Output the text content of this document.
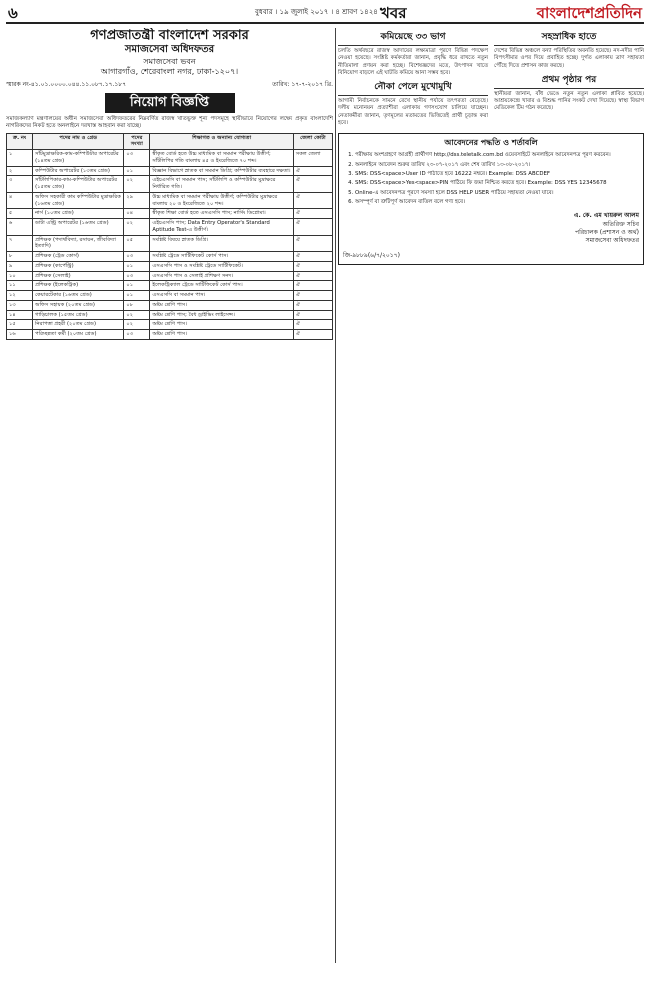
৬	বুধবার । ১৯ জুলাই ২০১৭ । ৪ শ্রাবণ ১৪২৪ খবর	বাংলাদেশপ্রতিদিন
গণপ্রজাতন্ত্রী বাংলাদেশ সরকার
সমাজসেবা অধিদফতর
সমাজসেবা ভবন
আগারগাঁও, শেরেবাংলা নগর, ঢাকা-১২০৭।
স্মারক নং-৪১.০১.০০০০.০৪৪.১১.০৮৭.১৭.১৮৭	তারিখ: ১৭-৭-২০১৭ খ্রি.
নিয়োগ বিজ্ঞপ্তি
সমাজকল্যাণ মন্ত্রণালয়ের অধীন সমাজসেবা অধিদফতরের নিম্নবর্ণিত রাজস্ব খাতভুক্ত শূন্য পদসমূহে স্থায়ীভাবে নিয়োগের লক্ষ্যে প্রকৃত বাংলাদেশি নাগরিকদের নিকট হতে অনলাইনে দরখাস্ত আহবান করা যাচ্ছে।
ক্র. নং	পদের নাম ও গ্রেড	পদের সংখ্যা	শিক্ষাগত ও অন্যান্য যোগ্যতা	জেলা কোটা
১	সাঁটমুদ্রাক্ষরিক-কাম-কম্পিউটার অপারেটর (১৪তম গ্রেড)	০৩	স্বীকৃত বোর্ড হতে উচ্চ মাধ্যমিক বা সমমান পরীক্ষায় উত্তীর্ণ; সাঁটলিপির গতি বাংলায় ৪৫ ও ইংরেজিতে ৭০ শব্দ।	সকল জেলা
২	কম্পিউটার অপারেটর (১৩তম গ্রেড)	০১	বিজ্ঞান বিভাগে স্নাতক বা সমমান ডিগ্রি; কম্পিউটার ব্যবহারে দক্ষতা।	ঐ
৩	সাঁটলিপিকার-কাম-কম্পিউটার অপারেটর (১৫তম গ্রেড)	০২	এইচএসসি বা সমমান পাস; সাঁটলিপি ও কম্পিউটার মুদ্রাক্ষরে নির্ধারিত গতি।	ঐ
৪	অফিস সহকারী কাম কম্পিউটার মুদ্রাক্ষরিক (১৬তম গ্রেড)	২৯	উচ্চ মাধ্যমিক বা সমমান পরীক্ষায় উত্তীর্ণ; কম্পিউটার মুদ্রাক্ষরে বাংলায় ২০ ও ইংরেজিতে ২০ শব্দ।	ঐ
৫	নার্স (১০তম গ্রেড)	০৪	স্বীকৃত শিক্ষা বোর্ড হতে এসএসসি পাস; নার্সিং ডিপ্লোমা।	ঐ
৬	ডাটা এন্ট্রি অপারেটর (১৬তম গ্রেড)	০২	এইচএসসি পাস; Data Entry Operator's Standard Aptitude Test-এ উত্তীর্ণ।	ঐ
৭	প্রশিক্ষক (পদার্থবিদ্যা, রসায়ন, জীববিদ্যা ইত্যাদি)	০৫	সংশ্লিষ্ট বিষয়ে স্নাতক ডিগ্রি।	ঐ
৮	প্রশিক্ষক (ট্রেড কোর্স)	০৩	সংশ্লিষ্ট ট্রেডে সার্টিফিকেট কোর্স পাস।	ঐ
৯	প্রশিক্ষক (কার্পেন্ট্রি)	০১	এসএসসি পাস ও সংশ্লিষ্ট ট্রেডে সার্টিফিকেট।	ঐ
১০	প্রশিক্ষক (সেলাই)	০৩	এসএসসি পাস ও সেলাই প্রশিক্ষণ সনদ।	ঐ
১১	প্রশিক্ষক (ইলেকট্রিক)	০১	ইলেকট্রিক্যাল ট্রেডে সার্টিফিকেট কোর্স পাস।	ঐ
১২	কেয়ারটেকার (১৬তম গ্রেড)	০১	এসএসসি বা সমমান পাস।	ঐ
১৩	অফিস সহায়ক (২০তম গ্রেড)	০৮	অষ্টম শ্রেণি পাস।	ঐ
১৪	গাড়িচালক (১৫তম গ্রেড)	০২	অষ্টম শ্রেণি পাস; বৈধ ড্রাইভিং লাইসেন্স।	ঐ
১৫	নিরাপত্তা প্রহরী (২০তম গ্রেড)	০২	অষ্টম শ্রেণি পাস।	ঐ
১৬	পরিচ্ছন্নতা কর্মী (২০তম গ্রেড)	০৩	অষ্টম শ্রেণি পাস।	ঐ
কমিয়েছে ৩৩ ভাগ

চলতি অর্থবছরে রাজস্ব আদায়ের লক্ষ্যমাত্রা পূরণে বিভিন্ন পদক্ষেপ নেওয়া হয়েছে। সংশ্লিষ্ট কর্মকর্তারা জানান, প্রবৃদ্ধি ধরে রাখতে নতুন নীতিমালা প্রণয়ন করা হচ্ছে। বিশেষজ্ঞদের মতে, উৎপাদন খাতে বিনিয়োগ বাড়লে এই ঘাটতি কমিয়ে আনা সম্ভব হবে।

নৌকা পেলে মুখোমুখি

আগামী নির্বাচনকে সামনে রেখে স্থানীয় পর্যায়ে তৎপরতা বেড়েছে। দলীয় মনোনয়ন প্রত্যাশীরা এলাকায় গণসংযোগ চালিয়ে যাচ্ছেন। নেতাকর্মীরা জানান, তৃণমূলের মতামতের ভিত্তিতেই প্রার্থী চূড়ান্ত করা হবে।

সহস্রাধিক হাতে

দেশের বিভিন্ন অঞ্চলে বন্যা পরিস্থিতির অবনতি হয়েছে। নদ-নদীর পানি বিপৎসীমার ওপর দিয়ে প্রবাহিত হচ্ছে। দুর্গত এলাকায় ত্রাণ সহায়তা পৌঁছে দিতে প্রশাসন কাজ করছে।

প্রথম পৃষ্ঠার পর

স্থানীয়রা জানান, বাঁধ ভেঙে নতুন নতুন এলাকা প্লাবিত হয়েছে। আশ্রয়কেন্দ্রে খাবার ও বিশুদ্ধ পানির সংকট দেখা দিয়েছে। স্বাস্থ্য বিভাগ মেডিকেল টিম গঠন করেছে।

আবেদনের পদ্ধতি ও শর্তাবলি
1. পরীক্ষায় অংশগ্রহণে আগ্রহী প্রার্থীগণ http://dss.teletalk.com.bd ওয়েবসাইটে অনলাইনে আবেদনপত্র পূরণ করবেন।
2. অনলাইনে আবেদন শুরুর তারিখ ২৩-০৭-২০১৭ এবং শেষ তারিখ ১৩-০৮-২০১৭।
3. SMS: DSS<space>User ID পাঠাতে হবে 16222 নম্বরে। Example: DSS ABCDEF
4. SMS: DSS<space>Yes<space>PIN পাঠিয়ে ফি জমা নিশ্চিত করতে হবে। Example: DSS YES 12345678
5. Online-এ আবেদনপত্র পূরণে সমস্যা হলে DSS HELP USER পাঠিয়ে সহায়তা নেওয়া যাবে।
6. অসম্পূর্ণ বা ত্রুটিপূর্ণ আবেদন বাতিল বলে গণ্য হবে।
এ. কে. এম খায়রুল আলম
অতিরিক্ত সচিব
পরিচালক (প্রশাসন ও অর্থ)
সমাজসেবা অধিদফতর
জি-৯৮৮৯(৬/৭/২০১৭)
